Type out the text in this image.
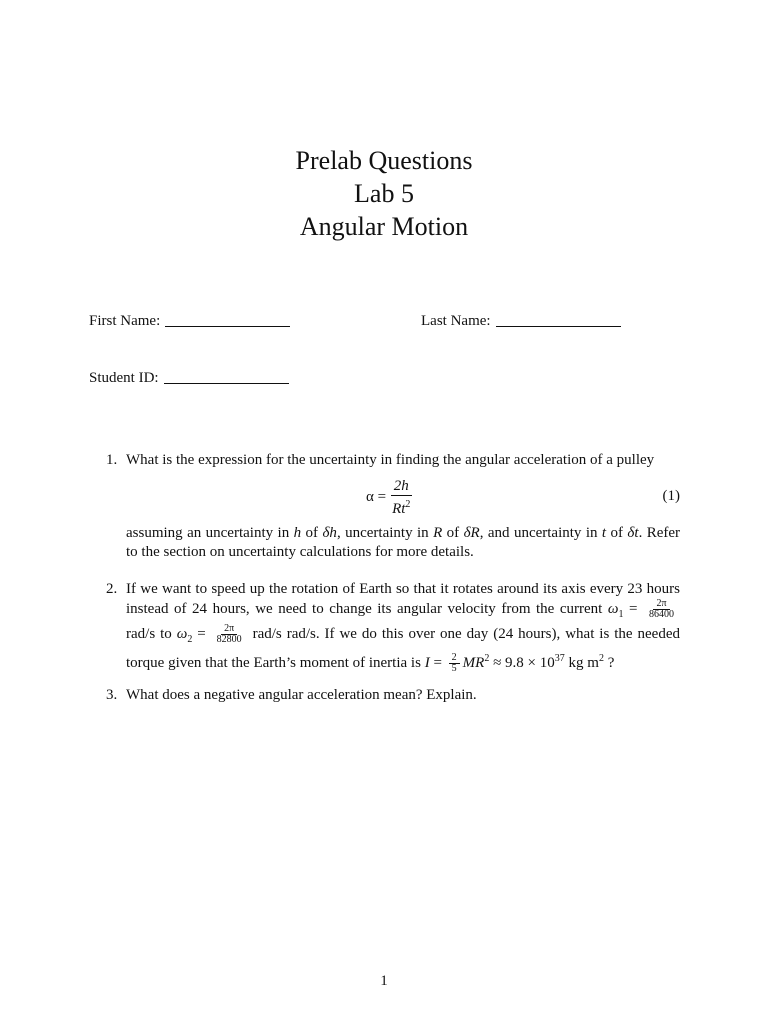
Prelab Questions
Lab 5
Angular Motion
First Name:	Last Name:
Student ID:
1. What is the expression for the uncertainty in finding the angular acceleration of a pulley
$\alpha = \frac{2h}{Rt^2}$	(1)
assuming an uncertainty in h of δh, uncertainty in R of δR, and uncertainty in t of δt. Refer to the section on uncertainty calculations for more details.
2. If we want to speed up the rotation of Earth so that it rotates around its axis every 23 hours instead of 24 hours, we need to change its angular velocity from the current $\omega_1 = \frac{2\pi}{86400}$
rad/s to $\omega_2 = \frac{2\pi}{82800} rad/s$ rad/s. If we do this over one day (24 hours), what is the needed torque given that the Earth’s moment of inertia is $I = \frac{2}{5} MR^2 \approx 9.8 \times 10^{37}$ kg $m^2$ ?
3. What does a negative angular acceleration mean? Explain.
1
